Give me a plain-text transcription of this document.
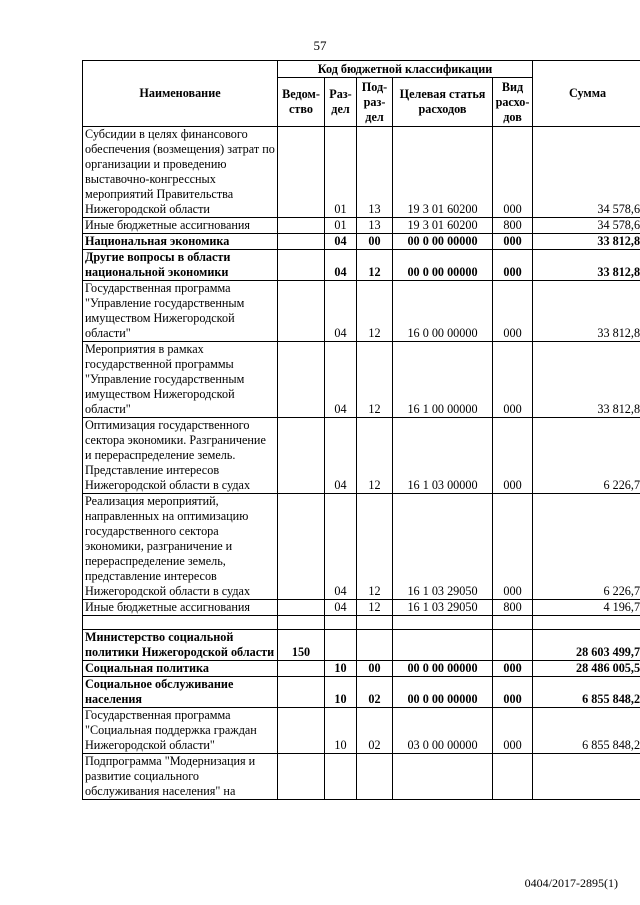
57
Наименование	Код бюджетной классификации					Сумма
	Ведом-ство	Раз-дел	Под-раз-дел	Целевая статья расходов	Вид расхо-дов	
Субсидии в целях финансового обеспечения (возмещения) затрат по организации и проведению выставочно-конгрессных мероприятий Правительства Нижегородской области		01	13	19 3 01 60200	000	34 578,6
Иные бюджетные ассигнования		01	13	19 3 01 60200	800	34 578,6
Национальная экономика		04	00	00 0 00 00000	000	33 812,8
Другие вопросы в области национальной экономики		04	12	00 0 00 00000	000	33 812,8
Государственная программа "Управление государственным имуществом Нижегородской области"		04	12	16 0 00 00000	000	33 812,8
Мероприятия в рамках государственной программы "Управление государственным имуществом Нижегородской области"		04	12	16 1 00 00000	000	33 812,8
Оптимизация государственного сектора экономики. Разграничение и перераспределение земель. Представление интересов Нижегородской области в судах		04	12	16 1 03 00000	000	6 226,7
Реализация мероприятий, направленных на оптимизацию государственного сектора экономики, разграничение и перераспределение земель, представление интересов Нижегородской области в судах		04	12	16 1 03 29050	000	6 226,7
Иные бюджетные ассигнования		04	12	16 1 03 29050	800	4 196,7

Министерство социальной политики Нижегородской области	150					28 603 499,7
Социальная политика		10	00	00 0 00 00000	000	28 486 005,5
Социальное обслуживание населения		10	02	00 0 00 00000	000	6 855 848,2
Государственная программа "Социальная поддержка граждан Нижегородской области"		10	02	03 0 00 00000	000	6 855 848,2
Подпрограмма "Модернизация и развитие социального обслуживания населения" на						
0404/2017-2895(1)
